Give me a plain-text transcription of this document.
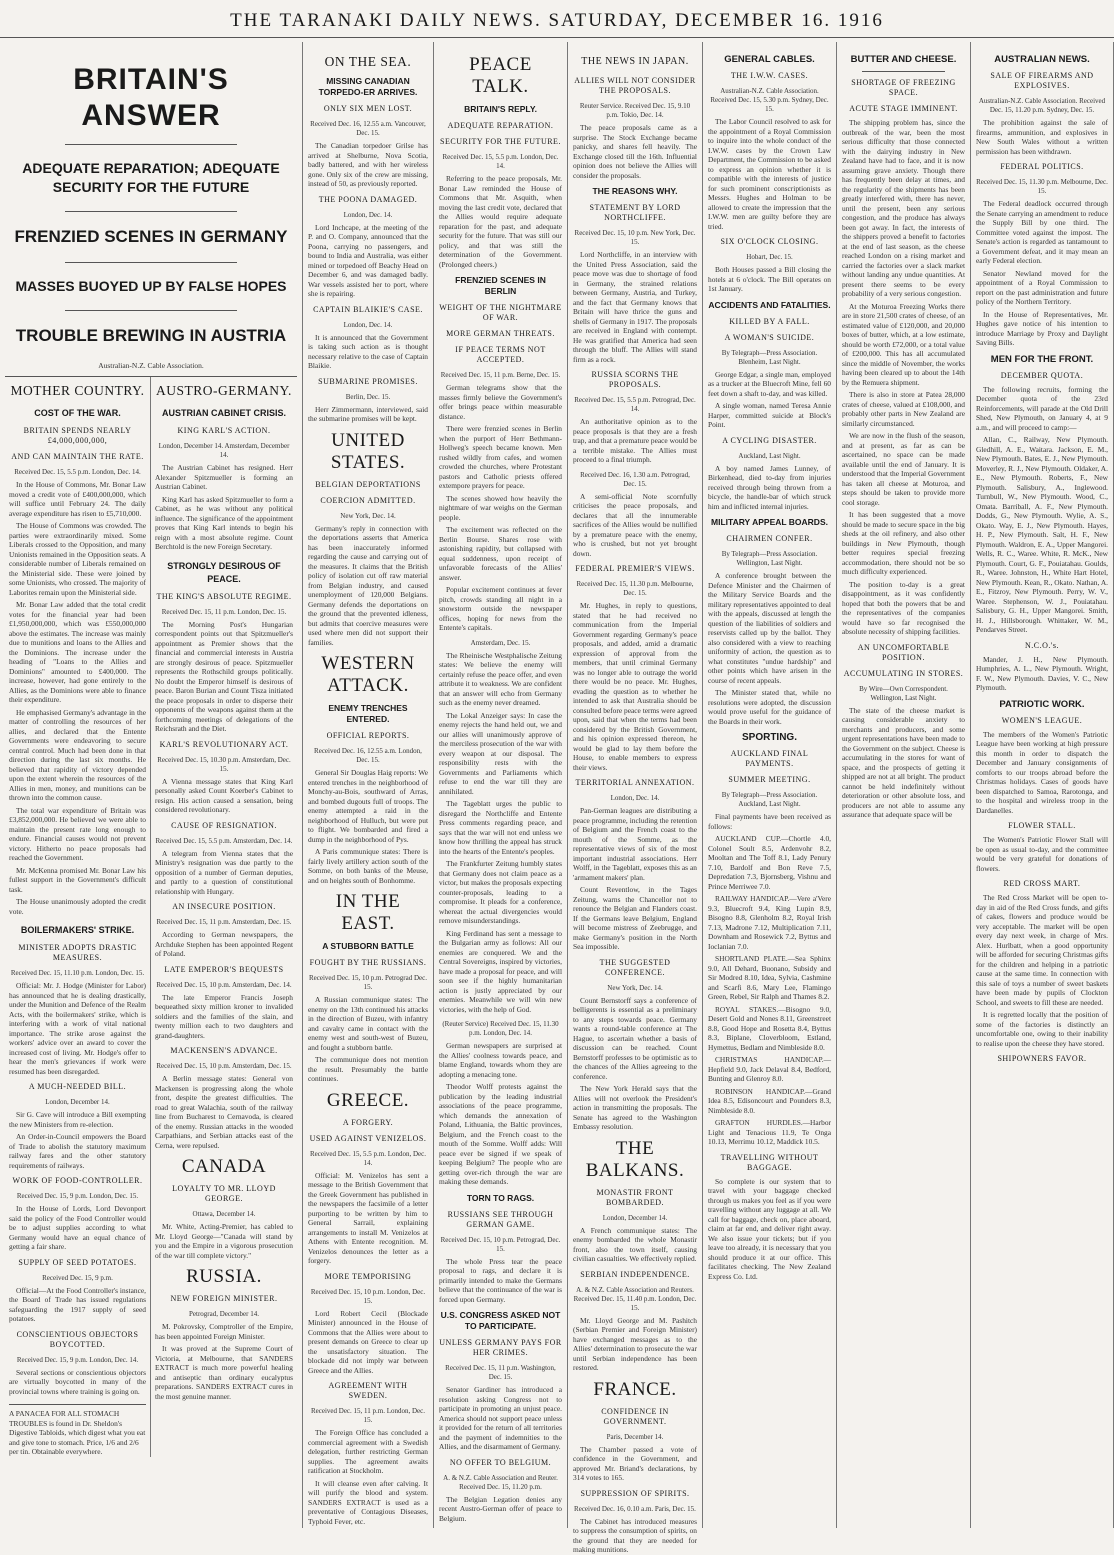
THE TARANAKI DAILY NEWS. SATURDAY, DECEMBER 16. 1916
BRITAIN'S ANSWER
ADEQUATE REPARATION; ADEQUATE SECURITY FOR THE FUTURE
FRENZIED SCENES IN GERMANY
MASSES BUOYED UP BY FALSE HOPES
TROUBLE BREWING IN AUSTRIA
Australian-N.Z. Cable Association.
MOTHER COUNTRY.
COST OF THE WAR.
BRITAIN SPENDS NEARLY £4,000,000,000,
AND CAN MAINTAIN THE RATE.
Received Dec. 15, 5.5 p.m. London, Dec. 14.

In the House of Commons, Mr. Bonar Law moved a credit vote of £400,000,000, which will suffice until February 24. The daily average expenditure has risen to £5,710,000.

The House of Commons was crowded. The parties were extraordinarily mixed. Some Liberals crossed to the Opposition, and many Unionists remained in the Opposition seats. A considerable number of Liberals remained on the Ministerial side. These were joined by some Unionists, who crossed. The majority of Laborites remain upon the Ministerial side.

Mr. Bonar Law added that the total credit votes for the financial year had been £1,950,000,000, which was £550,000,000 above the estimates. The increase was mainly due to munitions and loans to the Allies and the Dominions. The increase under the heading of "Loans to the Allies and Dominions" amounted to £400,000. The increase, however, had gone entirely to the Allies, as the Dominions were able to finance their expenditure.

He emphasised Germany's advantage in the matter of controlling the resources of her allies, and declared that the Entente Governments were endeavoring to secure central control. Much had been done in that direction during the last six months. He believed that rapidity of victory depended upon the extent wherein the resources of the Allies in men, money, and munitions can be thrown into the common cause.

The total war expenditure of Britain was £3,852,000,000. He believed we were able to maintain the present rate long enough to endure. Financial causes would not prevent victory. Hitherto no peace proposals had reached the Government.

Mr. McKenna promised Mr. Bonar Law his fullest support in the Government's difficult task.

The House unanimously adopted the credit vote.

BOILERMAKERS' STRIKE.
MINISTER ADOPTS DRASTIC MEASURES.
Received Dec. 15, 11.10 p.m. London, Dec. 15.

Official: Mr. J. Hodge (Minister for Labor) has announced that he is dealing drastically, under the Munition and Defence of the Realm Acts, with the boilermakers' strike, which is interfering with a work of vital national importance. The strike arose against the workers' advice over an award to cover the increased cost of living. Mr. Hodge's offer to hear the men's grievances if work were resumed has been disregarded.

A MUCH-NEEDED BILL.
London, December 14.

Sir G. Cave will introduce a Bill exempting the new Ministers from re-election.

An Order-in-Council empowers the Board of Trade to abolish the statutory maximum railway fares and the other statutory requirements of railways.

WORK OF FOOD-CONTROLLER.
Received Dec. 15, 9 p.m. London, Dec. 15.

In the House of Lords, Lord Devonport said the policy of the Food Controller would be to adjust supplies according to what Germany would have an equal chance of getting a fair share.

SUPPLY OF SEED POTATOES.
Received Dec. 15, 9 p.m.

Official—At the Food Controller's instance, the Board of Trade has issued regulations safeguarding the 1917 supply of seed potatoes.

CONSCIENTIOUS OBJECTORS BOYCOTTED.
Received Dec. 15, 9 p.m. London, Dec. 14.

Several sections or conscientious objectors are virtually boycotted in many of the provincial towns where training is going on.

A PANACEA FOR ALL STOMACH TROUBLES is found in Dr. Sheldon's Digestive Tabloids, which digest what you eat and give tone to stomach. Price, 1/6 and 2/6 per tin. Obtainable everywhere.
AUSTRO-GERMANY.
AUSTRIAN CABINET CRISIS.
KING KARL'S ACTION.
London, December 14. Amsterdam, December 14.

The Austrian Cabinet has resigned. Herr Alexander Spitzmueller is forming an Austrian Cabinet.

King Karl has asked Spitzmueller to form a Cabinet, as he was without any political influence. The significance of the appointment proves that King Karl intends to begin his reign with a most absolute regime. Count Berchtold is the new Foreign Secretary.

STRONGLY DESIROUS OF PEACE.
THE KING'S ABSOLUTE REGIME.
Received Dec. 15, 11 p.m. London, Dec. 15.

The Morning Post's Hungarian correspondent points out that Spitzmueller's appointment as Premier shows that the financial and commercial interests in Austria are strongly desirous of peace. Spitzmueller represents the Rothschild groups politically. No doubt the Emperor himself is desirous of peace. Baron Burian and Count Tisza initiated the peace proposals in order to disperse their opponents of the weapons against them at the forthcoming meetings of delegations of the Reichsrath and the Diet.

KARL'S REVOLUTIONARY ACT.
Received Dec. 15, 10.30 p.m. Amsterdam, Dec. 15.

A Vienna message states that King Karl personally asked Count Koerber's Cabinet to resign. His action caused a sensation, being considered revolutionary.

CAUSE OF RESIGNATION.
Received Dec. 15, 5.5 p.m. Amsterdam, Dec. 14.

A telegram from Vienna states that the Ministry's resignation was due partly to the opposition of a number of German deputies, and partly to a question of constitutional relationship with Hungary.

AN INSECURE POSITION.
Received Dec. 15, 11 p.m. Amsterdam, Dec. 15.

According to German newspapers, the Archduke Stephen has been appointed Regent of Poland.

LATE EMPEROR'S BEQUESTS
Received Dec. 15, 10 p.m. Amsterdam, Dec. 14.

The late Emperor Francis Joseph bequeathed sixty million kroner to invalided soldiers and the families of the slain, and twenty million each to two daughters and grand-daughters.

MACKENSEN'S ADVANCE.
Received Dec. 15, 10 p.m. Amsterdam, Dec. 15.

A Berlin message states: General von Mackensen is progressing along the whole front, despite the greatest difficulties. The road to great Walachia, south of the railway line from Bucharest to Cernavoda, is cleared of the enemy. Russian attacks in the wooded Carpathians, and Serbian attacks east of the Cerna, were repulsed.

CANADA
LOYALTY TO MR. LLOYD GEORGE.
Ottawa, December 14.

Mr. White, Acting-Premier, has cabled to Mr. Lloyd George—"Canada will stand by you and the Empire in a vigorous prosecution of the war till complete victory."

RUSSIA.
NEW FOREIGN MINISTER.
Petrograd, December 14.

M. Pokrovsky, Comptroller of the Empire, has been appointed Foreign Minister.

It was proved at the Supreme Court of Victoria, at Melbourne, that SANDERS EXTRACT is much more powerful healing and antiseptic than ordinary eucalyptus preparations. SANDERS EXTRACT cures in the most genuine manner.

ON THE SEA.
MISSING CANADIAN TORPEDO-ER ARRIVES.
ONLY SIX MEN LOST.
Received Dec. 16, 12.55 a.m. Vancouver, Dec. 15.

The Canadian torpedoer Grilse has arrived at Shelburne, Nova Scotia, badly battered, and with her wireless gone. Only six of the crew are missing, instead of 50, as previously reported.

THE POONA DAMAGED.
London, Dec. 14.

Lord Inchcape, at the meeting of the P. and O. Company, announced that the Poona, carrying no passengers, and bound to India and Australia, was either mined or torpedoed off Beachy Head on December 6, and was damaged badly. War vessels assisted her to port, where she is repairing.

CAPTAIN BLAIKIE'S CASE.
London, Dec. 14.

It is announced that the Government is taking such action as is thought necessary relative to the case of Captain Blaikie.

SUBMARINE PROMISES.
Berlin, Dec. 15.

Herr Zimmermann, interviewed, said the submarine promises will be kept.

UNITED STATES.
BELGIAN DEPORTATIONS
COERCION ADMITTED.
New York, Dec. 14.

Germany's reply in connection with the deportations asserts that America has been inaccurately informed regarding the cause and carrying out of the measures. It claims that the British policy of isolation cut off raw material from Belgian industry, and caused unemployment of 120,000 Belgians. Germany defends the deportations on the ground that the prevented idleness, but admits that coercive measures were used where men did not support their families.

WESTERN ATTACK.
ENEMY TRENCHES ENTERED.
OFFICIAL REPORTS.
Received Dec. 16, 12.55 a.m. London, Dec. 15.

General Sir Douglas Haig reports: We entered trenches in the neighborhood of Monchy-au-Bois, southward of Arras, and bombed dugouts full of troops. The enemy attempted a raid in the neighborhood of Hulluch, but were put to flight. We bombarded and fired a dump in the neighborhood of Pys.

A Paris communique states: There is fairly lively artillery action south of the Somme, on both banks of the Meuse, and on heights south of Bonhomme.

IN THE EAST.
A STUBBORN BATTLE
FOUGHT BY THE RUSSIANS.
Received Dec. 15, 10 p.m. Petrograd Dec. 15.

A Russian communique states: The enemy on the 13th continued his attacks in the direction of Buzeu, with infantry and cavalry came in contact with the enemy west and south-west of Buzeu, and fought a stubborn battle.

The communique does not mention the result. Presumably the battle continues.

GREECE.
A FORGERY.
USED AGAINST VENIZELOS.
Received Dec. 15, 5.5 p.m. London, Dec. 14.

Official: M. Venizelos has sent a message to the British Government that the Greek Government has published in the newspapers the facsimile of a letter purporting to be written by him to General Sarrail, explaining arrangements to install M. Venizelos at Athens with Entente recognition. M. Venizelos denounces the letter as a forgery.

MORE TEMPORISING
Received Dec. 15, 10 p.m. London, Dec. 15.

Lord Robert Cecil (Blockade Minister) announced in the House of Commons that the Allies were about to present demands on Greece to clear up the unsatisfactory situation. The blockade did not imply war between Greece and the Allies.

AGREEMENT WITH SWEDEN.
Received Dec. 15, 11 p.m. London, Dec. 15.

The Foreign Office has concluded a commercial agreement with a Swedish delegation, further restricting German supplies. The agreement awaits ratification at Stockholm.

It will cleanse even after calving. It will purify the blood and system. SANDERS EXTRACT is used as a preventative of Contagious Diseases, Typhoid Fever, etc.

PEACE TALK.
BRITAIN'S REPLY.
ADEQUATE REPARATION.
SECURITY FOR THE FUTURE.
Received Dec. 15, 5.5 p.m. London, Dec. 14.

Referring to the peace proposals, Mr. Bonar Law reminded the House of Commons that Mr. Asquith, when moving the last credit vote, declared that the Allies would require adequate reparation for the past, and adequate security for the future. That was still our policy, and that was still the determination of the Government. (Prolonged cheers.)

FRENZIED SCENES IN BERLIN
WEIGHT OF THE NIGHTMARE OF WAR.
MORE GERMAN THREATS.
IF PEACE TERMS NOT ACCEPTED.
Received Dec. 15, 11 p.m. Berne, Dec. 15.

German telegrams show that the masses firmly believe the Government's offer brings peace within measurable distance.

There were frenzied scenes in Berlin when the purport of Herr Bethmann-Hollweg's speech became known. Men rushed wildly from cafes, and women crowded the churches, where Protestant pastors and Catholic priests offered extempore prayers for peace.

The scenes showed how heavily the nightmare of war weighs on the German people.

The excitement was reflected on the Berlin Bourse. Shares rose with astonishing rapidity, but collapsed with equal suddenness, upon receipt of unfavorable forecasts of the Allies' answer.

Popular excitement continues at fever pitch, crowds standing all night in a snowstorm outside the newspaper offices, hoping for news from the Entente's capitals.

Amsterdam, Dec. 15.

The Rheinische Westphalische Zeitung states: We believe the enemy will certainly refuse the peace offer, and even attribute it to weakness. We are confident that an answer will echo from Germany such as the enemy never dreamed.

The Lokal Anzeiger says: In case the enemy rejects the hand held out, we and our allies will unanimously approve of the merciless prosecution of the war with every weapon at our disposal. The responsibility rests with the Governments and Parliaments which refuse to end the war till they are annihilated.

The Tageblatt urges the public to disregard the Northcliffe and Entente Press comments regarding peace, and says that the war will not end unless we know how thrilling the appeal has struck into the hearts of the Entente's peoples.

The Frankfurter Zeitung humbly states that Germany does not claim peace as a victor, but makes the proposals expecting counter-proposals, leading to a compromise. It pleads for a conference, whereat the actual divergencies would remove misunderstandings.

King Ferdinand has sent a message to the Bulgarian army as follows: All our enemies are conquered. We and the Central Sovereigns, inspired by victories, have made a proposal for peace, and will soon see if the highly humanitarian action is justly appreciated by our enemies. Meanwhile we will win new victories, with the help of God.

(Reuter Service) Received Dec. 15, 11.30 p.m. London, Dec. 14.

German newspapers are surprised at the Allies' coolness towards peace, and blame England, towards whom they are adopting a menacing tone.

Theodor Wolff protests against the publication by the leading industrial associations of the peace programme, which demands the annexation of Poland, Lithuania, the Baltic provinces, Belgium, and the French coast to the mouth of the Somme. Wolff adds: Will peace ever be signed if we speak of keeping Belgium? The people who are getting over-rich through the war are making these demands.

TORN TO RAGS.
RUSSIANS SEE THROUGH GERMAN GAME.
Received Dec. 15, 10 p.m. Petrograd, Dec. 15.

The whole Press tear the peace proposal to rags, and declare it is primarily intended to make the Germans believe that the continuance of the war is forced upon Germany.

U.S. CONGRESS ASKED NOT TO PARTICIPATE.
UNLESS GERMANY PAYS FOR HER CRIMES.
Received Dec. 15, 11 p.m. Washington, Dec. 15.

Senator Gardiner has introduced a resolution asking Congress not to participate in promoting an unjust peace. America should not support peace unless it provided for the return of all territories and the payment of indemnities to the Allies, and the disarmament of Germany.

NO OFFER TO BELGIUM.
A. & N.Z. Cable Association and Reuter. Received Dec. 15, 11.20 p.m.

The Belgian Legation denies any recent Austro-German offer of peace to Belgium.

THE NEWS IN JAPAN.
ALLIES WILL NOT CONSIDER THE PROPOSALS.
Reuter Service. Received Dec. 15, 9.10 p.m. Tokio, Dec. 14.

The peace proposals came as a surprise. The Stock Exchange became panicky, and shares fell heavily. The Exchange closed till the 16th. Influential opinion does not believe the Allies will consider the proposals.

THE REASONS WHY.
STATEMENT BY LORD NORTHCLIFFE.
Received Dec. 15, 10 p.m. New York, Dec. 15.

Lord Northcliffe, in an interview with the United Press Association, said the peace move was due to shortage of food in Germany, the strained relations between Germany, Austria, and Turkey, and the fact that Germany knows that Britain will have thrice the guns and shells of Germany in 1917. The proposals are received in England with contempt. He was gratified that America had seen through the bluff. The Allies will stand firm as a rock.

RUSSIA SCORNS THE PROPOSALS.
Received Dec. 15, 5.5 p.m. Petrograd, Dec. 14.

An authoritative opinion as to the peace proposals is that they are a fresh trap, and that a premature peace would be a terrible mistake. The Allies must proceed to a final triumph.

Received Dec. 16, 1.30 a.m. Petrograd, Dec. 15.

A semi-official Note scornfully criticises the peace proposals, and declares that all the innumerable sacrifices of the Allies would be nullified by a premature peace with the enemy, who is crushed, but not yet brought down.

FEDERAL PREMIER'S VIEWS.
Received Dec. 15, 11.30 p.m. Melbourne, Dec. 15.

Mr. Hughes, in reply to questions, stated that he had received no communication from the Imperial Government regarding Germany's peace proposals, and added, amid a dramatic expression of approval from the members, that until criminal Germany was no longer able to outrage the world there would be no peace. Mr. Hughes, evading the question as to whether he intended to ask that Australia should be consulted before peace terms were agreed upon, said that when the terms had been considered by the British Government, and his opinion expressed thereon, he would be glad to lay them before the House, to enable members to express their views.

TERRITORIAL ANNEXATION.
London, Dec. 14.

Pan-German leagues are distributing a peace programme, including the retention of Belgium and the French coast to the mouth of the Somme, as the representative views of six of the most important industrial associations. Herr Wolff, in the Tageblatt, exposes this as an 'armament makers' plan.

Count Reventlow, in the Tages Zeitung, warns the Chancellor not to renounce the Belgian and Flanders coast. If the Germans leave Belgium, England will become mistress of Zeebrugge, and make Germany's position in the North Sea impossible.

THE SUGGESTED CONFERENCE.
New York, Dec. 14.

Count Bernstorff says a conference of belligerents is essential as a preliminary to any steps towards peace. Germany wants a round-table conference at The Hague, to ascertain whether a basis of discussion can be reached. Count Bernstorff professes to be optimistic as to the chances of the Allies agreeing to the conference.

The New York Herald says that the Allies will not overlook the President's action in transmitting the proposals. The Senate has agreed to the Washington Embassy resolution.

THE BALKANS.
MONASTIR FRONT BOMBARDED.
London, December 14.

A French communique states: The enemy bombarded the whole Monastir front, also the town itself, causing civilian casualties. We effectively replied.

SERBIAN INDEPENDENCE.
A. & N.Z. Cable Association and Reuters. Received Dec. 15, 11.40 p.m. London, Dec. 15.

Mr. Lloyd George and M. Pashitch (Serbian Premier and Foreign Minister) have exchanged messages as to the Allies' determination to prosecute the war until Serbian independence has been restored.

FRANCE.
CONFIDENCE IN GOVERNMENT.
Paris, December 14.

The Chamber passed a vote of confidence in the Government, and approved Mr. Briand's declarations, by 314 votes to 165.

SUPPRESSION OF SPIRITS.
Received Dec. 16, 0.10 a.m. Paris, Dec. 15.

The Cabinet has introduced measures to suppress the consumption of spirits, on the ground that they are needed for making munitions.

GENERAL CABLES.
THE I.W.W. CASES.
Australian-N.Z. Cable Association. Received Dec. 15, 5.30 p.m. Sydney, Dec. 15.

The Labor Council resolved to ask for the appointment of a Royal Commission to inquire into the whole conduct of the I.W.W. cases by the Crown Law Department, the Commission to be asked to express an opinion whether it is compatible with the interests of justice for such prominent conscriptionists as Messrs. Hughes and Holman to be allowed to create the impression that the I.W.W. men are guilty before they are tried.

SIX O'CLOCK CLOSING.
Hobart, Dec. 15.

Both Houses passed a Bill closing the hotels at 6 o'clock. The Bill operates on 1st January.

ACCIDENTS AND FATALITIES.
KILLED BY A FALL.
A WOMAN'S SUICIDE.
By Telegraph—Press Association. Blenheim, Last Night.

George Edgar, a single man, employed as a trucker at the Bluecroft Mine, fell 60 feet down a shaft to-day, and was killed.

A single woman, named Teresa Annie Harper, committed suicide at Block's Point.

A CYCLING DISASTER.
Auckland, Last Night.

A boy named James Lunney, of Birkenhead, died to-day from injuries received through being thrown from a bicycle, the handle-bar of which struck him and inflicted internal injuries.

MILITARY APPEAL BOARDS.
CHAIRMEN CONFER.
By Telegraph—Press Association. Wellington, Last Night.

A conference brought between the Defence Minister and the Chairmen of the Military Service Boards and the military representatives appointed to deal with the appeals, discussed at length the question of the liabilities of soldiers and reservists called up by the ballot. They also considered with a view to reaching uniformity of action, the question as to what constitutes "undue hardship" and other points which have arisen in the course of recent appeals.

The Minister stated that, while no resolutions were adopted, the discussion would prove useful for the guidance of the Boards in their work.

SPORTING.
AUCKLAND FINAL PAYMENTS.
SUMMER MEETING.
By Telegraph—Press Association. Auckland, Last Night.

Final payments have been received as follows:

AUCKLAND CUP.—Chortle 4.0, Colonel Soult 8.5, Ardenvohr 8.2, Mooltan and The Toff 8.1, Lady Penury 7.10, Bardolf and Bon Reve 7.5, Depredation 7.3, Bjornsberg, Vishnu and Prince Merriwee 7.0.

RAILWAY HANDICAP.—Vere a'Vere 9.3, Bluecroft 9.4, King Lupin 8.9, Bisogno 8.8, Glenholm 8.2, Royal Irish 7.13, Madrone 7.12, Multiplication 7.11, Downham and Rosewick 7.2, Byttus and Ioclanian 7.0.

SHORTLAND PLATE.—Sea Sphinx 9.0, All Dehard, Buonano, Subsidy and Sir Modred 8.10, Idea, Sylvia, Cashmine and Scarfi 8.6, Mary Lee, Flamingo Green, Rebel, Sir Ralph and Thames 8.2.

ROYAL STAKES.—Bisogno 9.0, Desert Gold and Nones 8.11, Greenstreet 8.8, Good Hope and Rosetta 8.4, Byttus 8.3, Biplane, Cloverbloom, Estland, Hymettus, Bedlam and Nimbleside 8.0.

CHRISTMAS HANDICAP.—Hepfield 9.0, Jack Delaval 8.4, Bedford, Bunting and Glenroy 8.0.

ROBINSON HANDICAP.—Grand Idea 8.5, Edisoncourt and Pounders 8.3, Nimbleside 8.0.

GRAFTON HURDLES.—Harbor Light and Tenacious 11.9, Te Onga 10.13, Merrimu 10.12, Maddick 10.5.

TRAVELLING WITHOUT BAGGAGE.

So complete is our system that to travel with your baggage checked through us makes you feel as if you were travelling without any luggage at all. We call for baggage, check on, place aboard, claim at far end, and deliver right away. We also issue your tickets; but if you leave too already, it is necessary that you should produce it at our office. This facilitates checking. The New Zealand Express Co. Ltd.

BUTTER AND CHEESE.
SHORTAGE OF FREEZING SPACE.
ACUTE STAGE IMMINENT.

The shipping problem has, since the outbreak of the war, been the most serious difficulty that those connected with the dairying industry in New Zealand have had to face, and it is now assuming grave anxiety. Though there has frequently been delay at times, and the regularity of the shipments has been greatly interfered with, there has never, until the present, been any serious congestion, and the produce has always been got away. In fact, the interests of the shippers proved a benefit to factories at the end of last season, as the cheese reached London on a rising market and carried the factories over a slack market without landing any undue quantities. At present there seems to be every probability of a very serious congestion.

At the Moturoa Freezing Works there are in store 21,500 crates of cheese, of an estimated value of £120,000, and 20,000 boxes of butter, which, at a low estimate, should be worth £72,000, or a total value of £200,000. This has all accumulated since the middle of November, the works having been cleared up to about the 14th by the Remuera shipment.

There is also in store at Patea 28,000 crates of cheese, valued at £108,000, and probably other parts in New Zealand are similarly circumstanced.

We are now in the flush of the season, and at present, as far as can be ascertained, no space can be made available until the end of January. It is understood that the Imperial Government has taken all cheese at Moturoa, and steps should be taken to provide more cool storage.

It has been suggested that a move should be made to secure space in the big sheds at the oil refinery, and also other buildings in New Plymouth, though better requires special freezing accommodation, there should not be so much difficulty experienced.

The position to-day is a great disappointment, as it was confidently hoped that both the powers that be and the representatives of the companies would have so far recognised the absolute necessity of shipping facilities.

AN UNCOMFORTABLE POSITION.
ACCUMULATING IN STORES.
By Wire—Own Correspondent. Wellington, Last Night.

The state of the cheese market is causing considerable anxiety to merchants and producers, and some urgent representations have been made to the Government on the subject. Cheese is accumulating in the stores for want of space, and the prospects of getting it shipped are not at all bright. The product cannot be held indefinitely without deterioration or other absolute loss, and producers are not able to assume any assurance that adequate space will be

AUSTRALIAN NEWS.
SALE OF FIREARMS AND EXPLOSIVES.
Australian-N.Z. Cable Association. Received Dec. 15, 11.20 p.m. Sydney, Dec. 15.

The prohibition against the sale of firearms, ammunition, and explosives in New South Wales without a written permission has been withdrawn.

FEDERAL POLITICS.
Received Dec. 15, 11.30 p.m. Melbourne, Dec. 15.

The Federal deadlock occurred through the Senate carrying an amendment to reduce the Supply Bill by one third. The Committee voted against the impost. The Senate's action is regarded as tantamount to a Government defeat, and it may mean an early Federal election.

Senator Newland moved for the appointment of a Royal Commission to report on the past administration and future policy of the Northern Territory.

In the House of Representatives, Mr. Hughes gave notice of his intention to introduce Marriage by Proxy and Daylight Saving Bills.

MEN FOR THE FRONT.
DECEMBER QUOTA.

The following recruits, forming the December quota of the 23rd Reinforcements, will parade at the Old Drill Shed, New Plymouth, on January 4, at 9 a.m., and will proceed to camp:—

Allan, C., Railway, New Plymouth. Gledhill, A. E., Waitara. Jackson, E. M., New Plymouth. Bates, E. J., New Plymouth. Moverley, R. J., New Plymouth. Oldaker, A. E., New Plymouth. Roberts, F., New Plymouth. Salisbury, A., Inglewood. Turnbull, W., New Plymouth. Wood, C., Omata. Barriball, A. F., New Plymouth. Dodds, G., New Plymouth. Wylie, A. S., Okato. Way, E. J., New Plymouth. Hayes, H. P., New Plymouth. Salt, H. F., New Plymouth. Waldron, E. A., Upper Mangorei. Wells, R. C., Waree. White, R. McK., New Plymouth. Court, G. F., Pouiatahau. Goulds, R., Waree. Johnston, H., White Hart Hotel, New Plymouth. Kean, R., Okato. Nathan, A. E., Fitzroy, New Plymouth. Perry, W. V., Waree. Stephenson, W. J., Pouiatahau. Salisbury, G. H., Upper Mangorei. Smith, H. J., Hillsborough. Whittaker, W. M., Pendarves Street.

N.C.O.'s.

Mander, J. H., New Plymouth. Humphries, A. L., New Plymouth. Wright, F. W., New Plymouth. Davies, V. C., New Plymouth.

PATRIOTIC WORK.
WOMEN'S LEAGUE.

The members of the Women's Patriotic League have been working at high pressure this month in order to dispatch the December and January consignments of comforts to our troops abroad before the Christmas holidays. Cases of goods have been dispatched to Samoa, Rarotonga, and to the hospital and wireless troop in the Dardanelles.

FLOWER STALL.

The Women's Patriotic Flower Stall will be open as usual to-day, and the committee would be very grateful for donations of flowers.

RED CROSS MART.

The Red Cross Market will be open to-day in aid of the Red Cross funds, and gifts of cakes, flowers and produce would be very acceptable. The market will be open every day next week, in charge of Mrs. Alex. Hurlbatt, when a good opportunity will be afforded for securing Christmas gifts for the children and helping in a patriotic cause at the same time. In connection with this sale of toys a number of sweet baskets have been made by pupils of Clockton School, and sweets to fill these are needed.

It is regretted locally that the position of some of the factories is distinctly an uncomfortable one, owing to their inability to realise upon the cheese they have stored.

SHIPOWNERS FAVOR.
